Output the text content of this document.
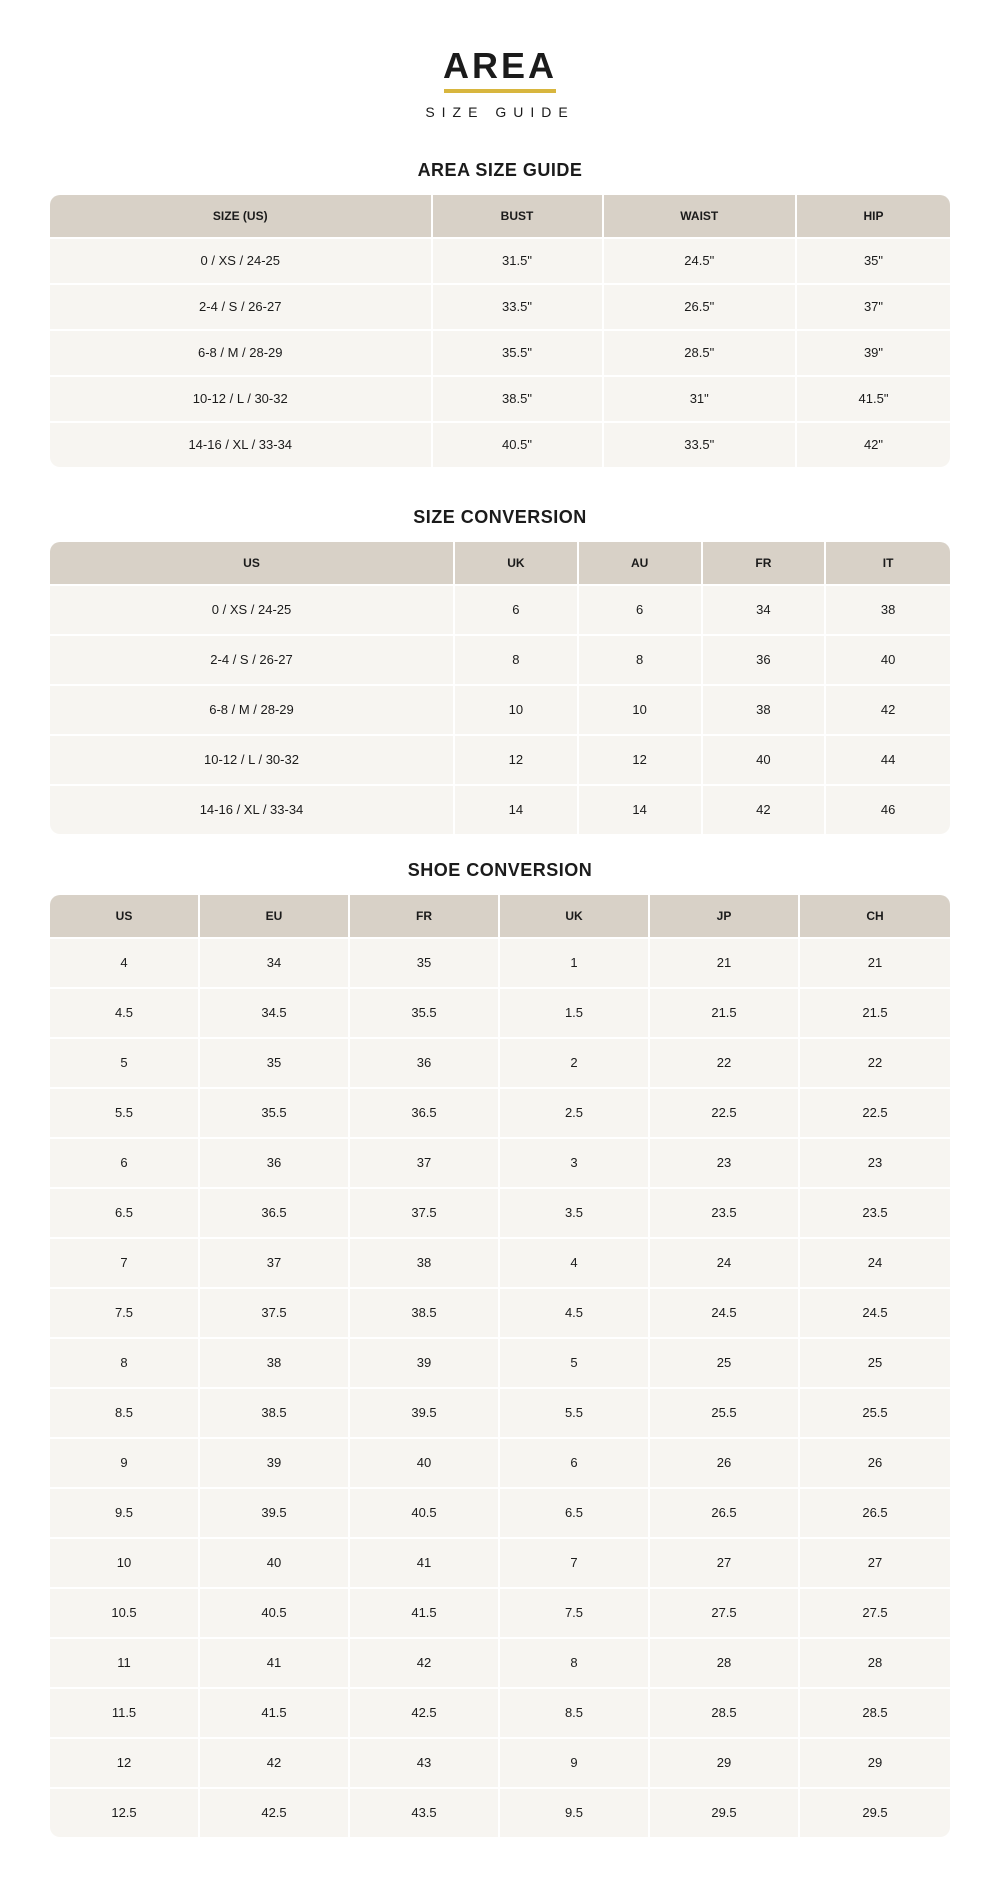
AREA
SIZE GUIDE
AREA SIZE GUIDE
SIZE (US)	BUST	WAIST	HIP
0 / XS / 24-25	31.5"	24.5"	35"
2-4 / S / 26-27	33.5"	26.5"	37"
6-8 / M / 28-29	35.5"	28.5"	39"
10-12 / L / 30-32	38.5"	31"	41.5"
14-16 / XL / 33-34	40.5"	33.5"	42"
SIZE CONVERSION
US	UK	AU	FR	IT
0 / XS / 24-25	6	6	34	38
2-4 / S / 26-27	8	8	36	40
6-8 / M / 28-29	10	10	38	42
10-12 / L / 30-32	12	12	40	44
14-16 / XL / 33-34	14	14	42	46
SHOE CONVERSION
US	EU	FR	UK	JP	CH
4	34	35	1	21	21
4.5	34.5	35.5	1.5	21.5	21.5
5	35	36	2	22	22
5.5	35.5	36.5	2.5	22.5	22.5
6	36	37	3	23	23
6.5	36.5	37.5	3.5	23.5	23.5
7	37	38	4	24	24
7.5	37.5	38.5	4.5	24.5	24.5
8	38	39	5	25	25
8.5	38.5	39.5	5.5	25.5	25.5
9	39	40	6	26	26
9.5	39.5	40.5	6.5	26.5	26.5
10	40	41	7	27	27
10.5	40.5	41.5	7.5	27.5	27.5
11	41	42	8	28	28
11.5	41.5	42.5	8.5	28.5	28.5
12	42	43	9	29	29
12.5	42.5	43.5	9.5	29.5	29.5
